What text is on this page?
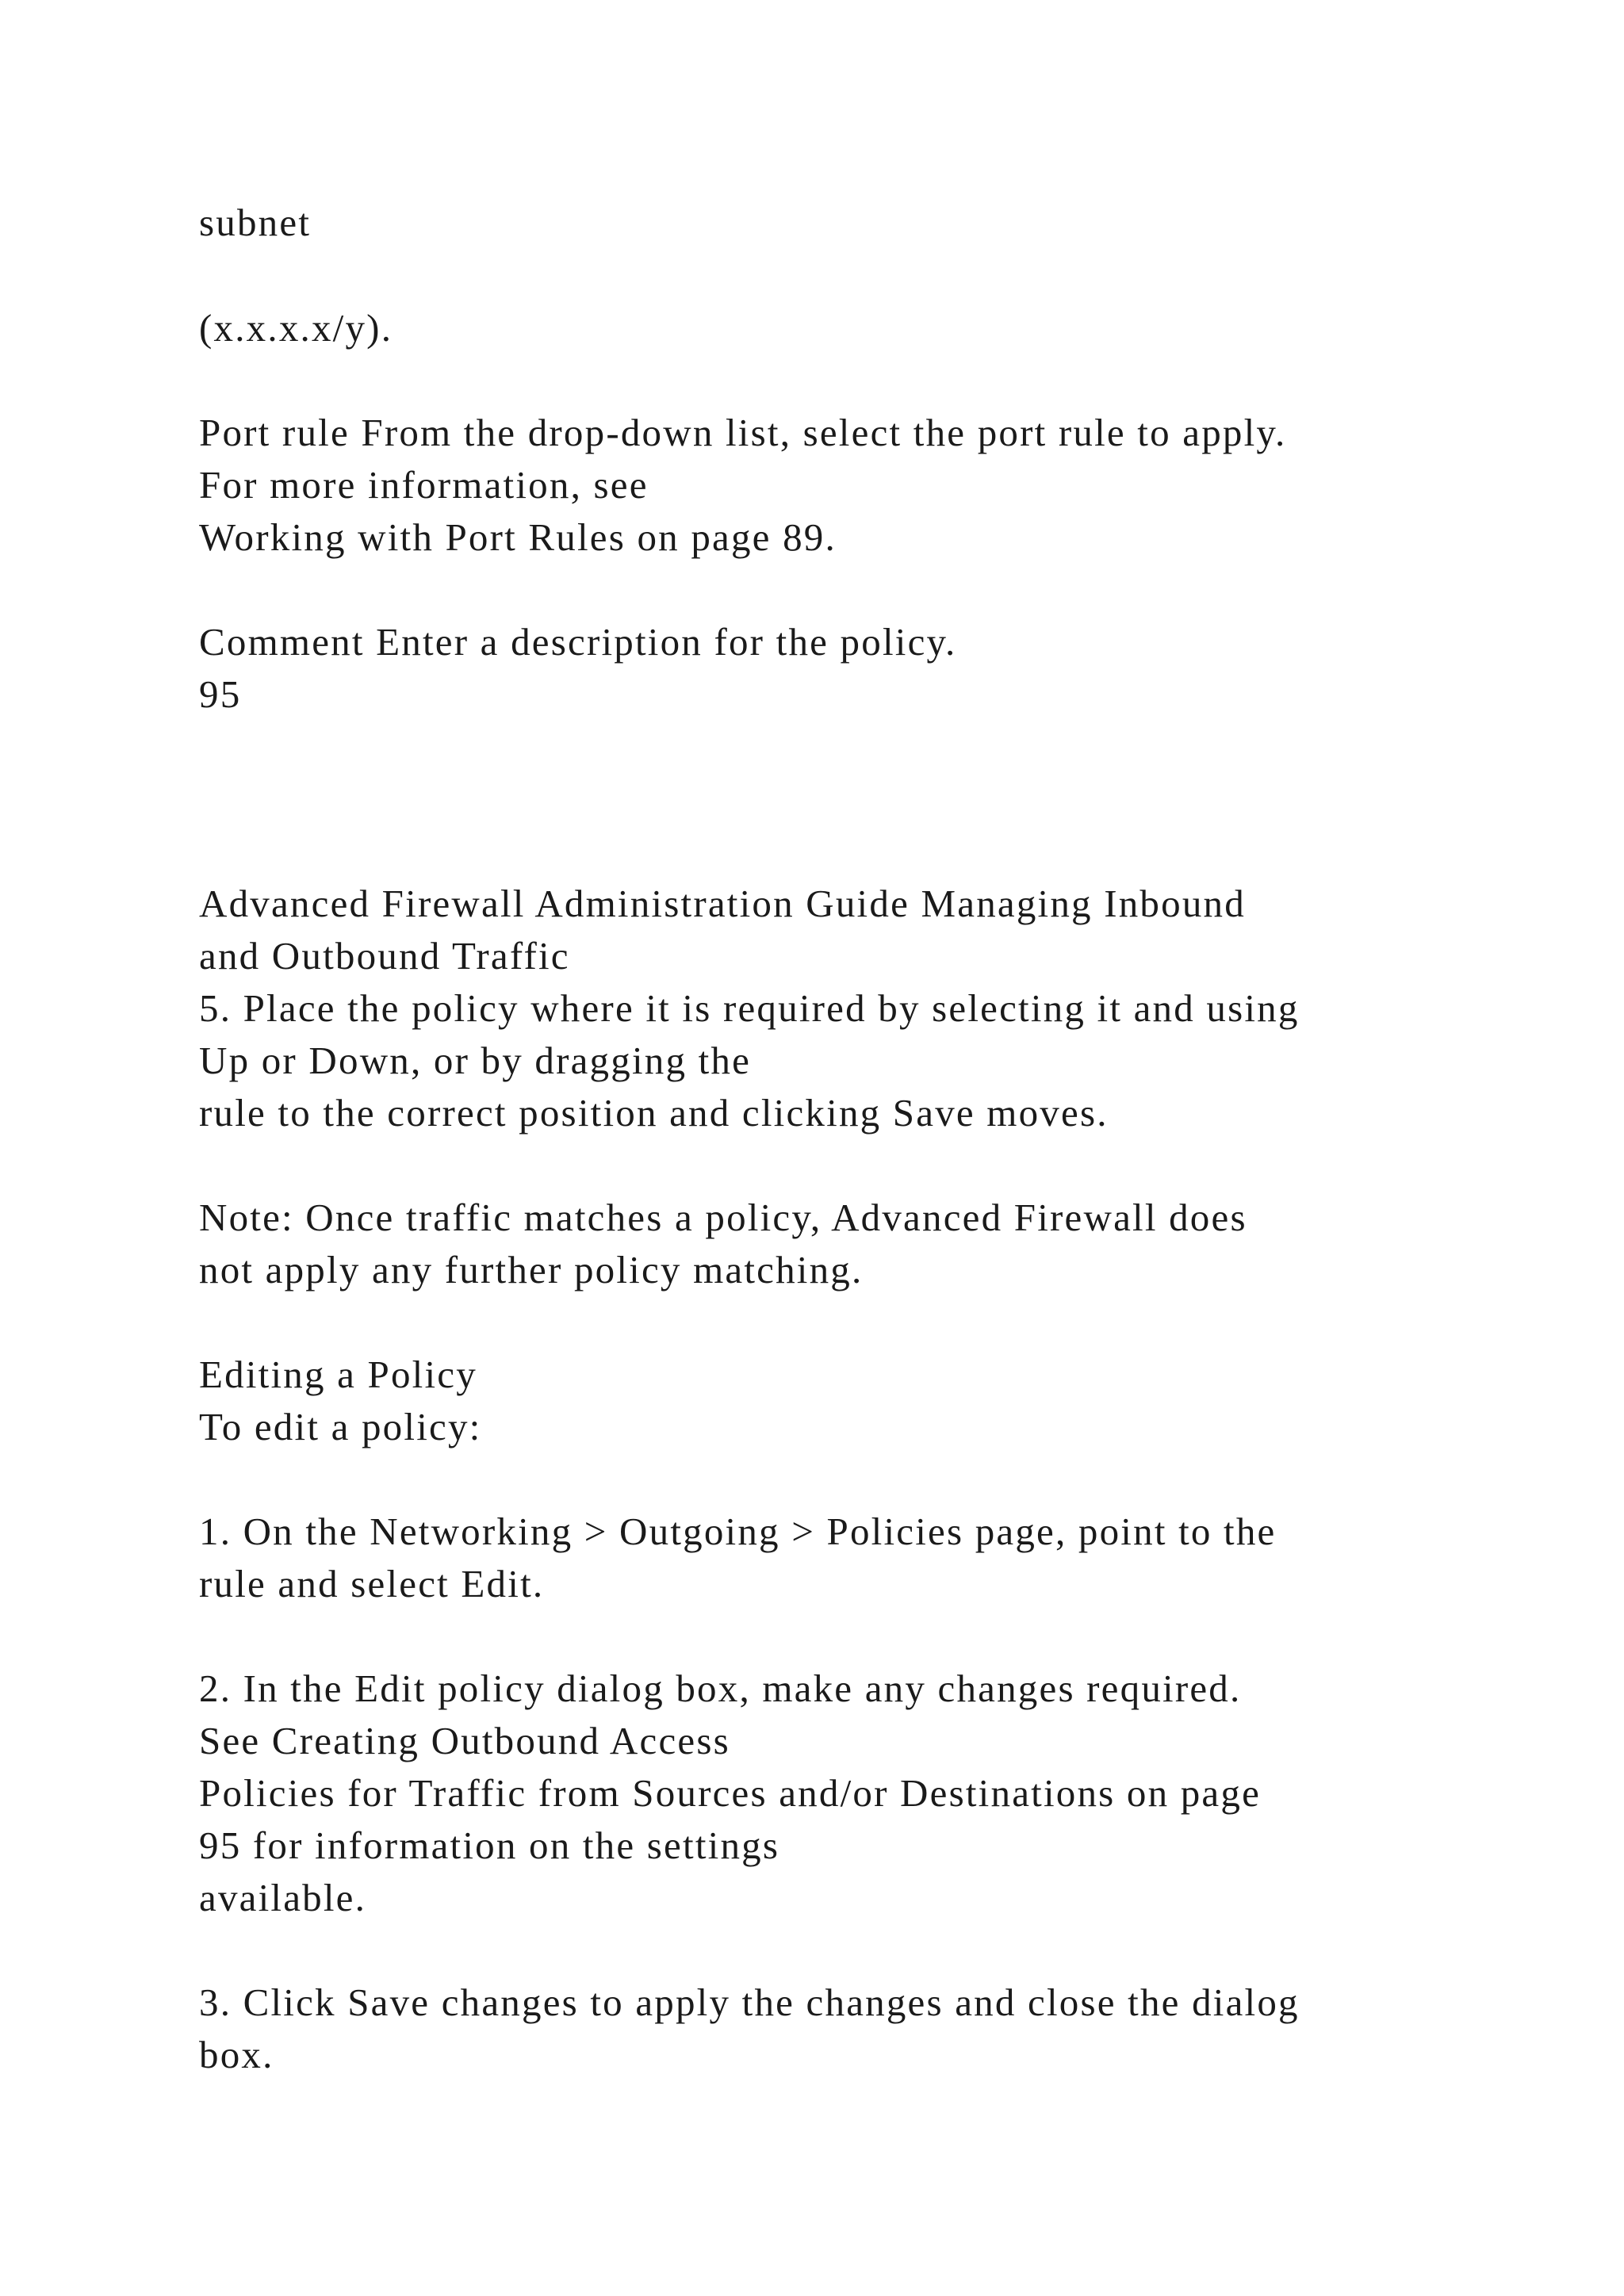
subnet

(x.x.x.x/y).

Port rule From the drop-down list, select the port rule to apply.

For more information, see

Working with Port Rules on page 89.

Comment Enter a description for the policy.

95

Advanced Firewall Administration Guide Managing Inbound

and Outbound Traffic

5. Place the policy where it is required by selecting it and using

Up or Down, or by dragging the

rule to the correct position and clicking Save moves.

Note: Once traffic matches a policy, Advanced Firewall does

not apply any further policy matching.

Editing a Policy

To edit a policy:

1. On the Networking > Outgoing > Policies page, point to the

rule and select Edit.

2. In the Edit policy dialog box, make any changes required.

See Creating Outbound Access

Policies for Traffic from Sources and/or Destinations on page

95 for information on the settings

available.

3. Click Save changes to apply the changes and close the dialog

box.
